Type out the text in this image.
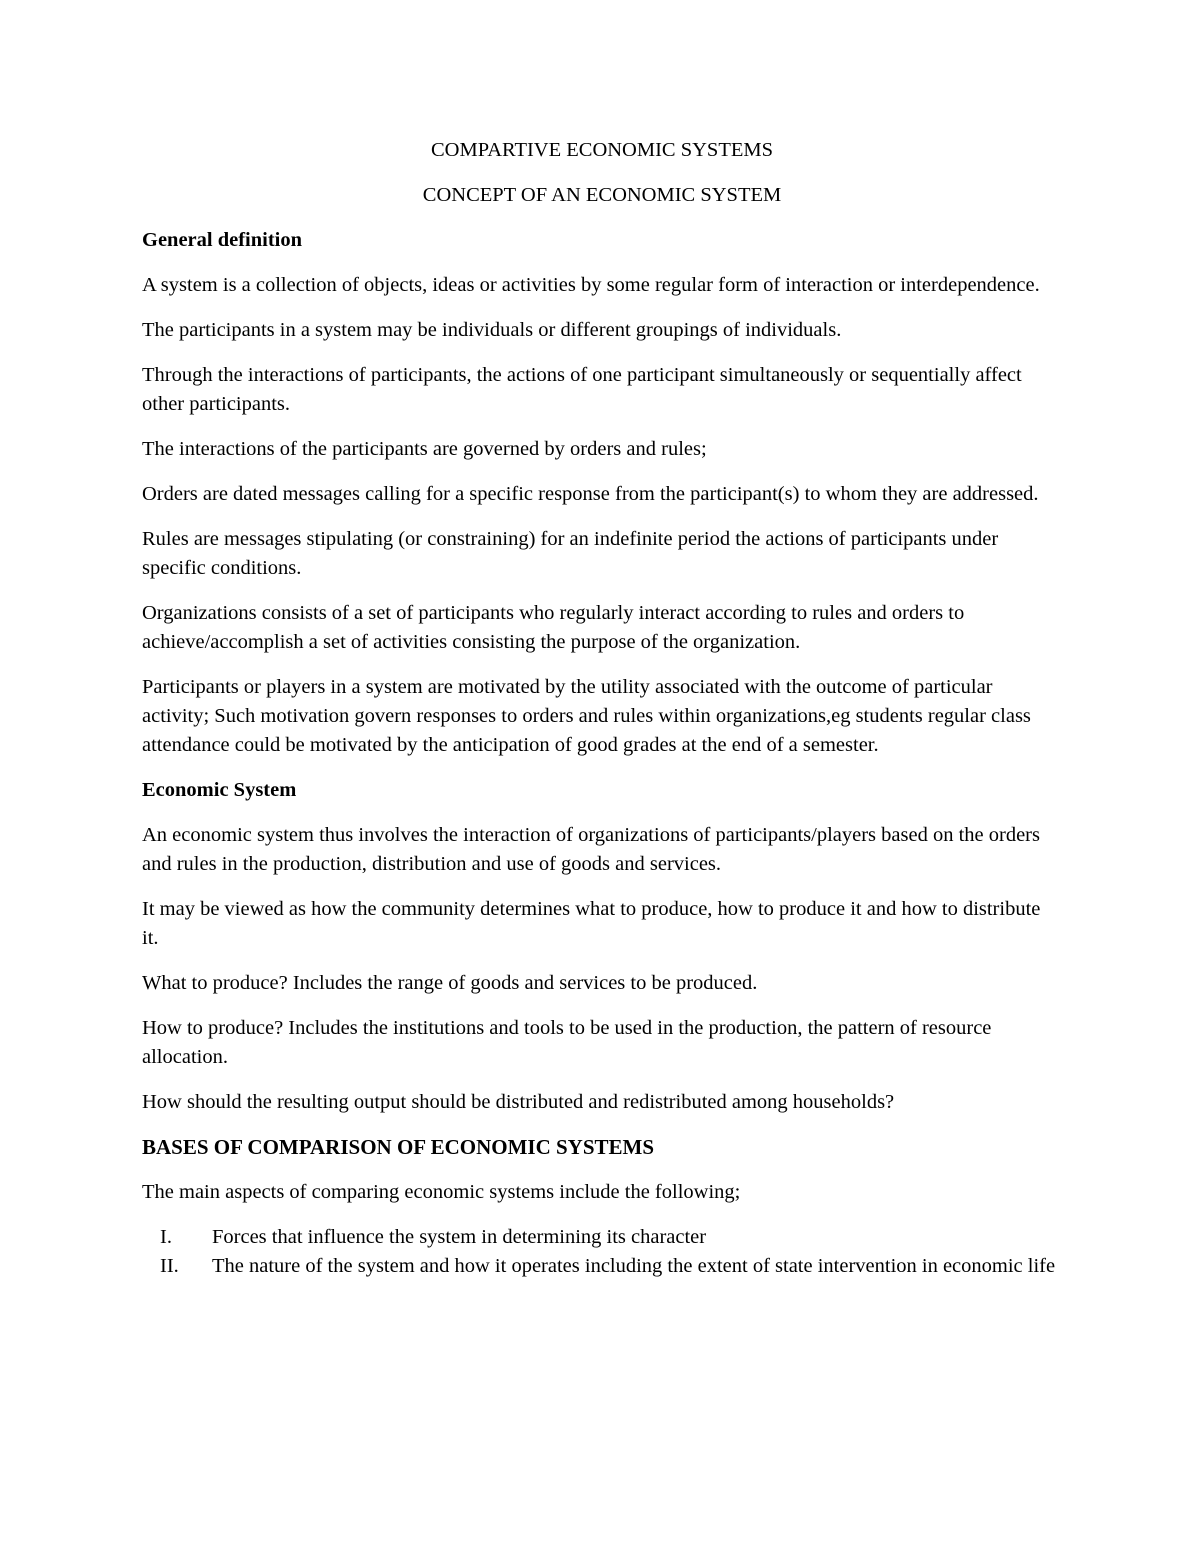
COMPARTIVE ECONOMIC SYSTEMS
CONCEPT OF AN ECONOMIC SYSTEM
General definition

A system is a collection of objects, ideas or activities by some regular form of interaction or interdependence.

The participants in a system may be individuals or different groupings of individuals.

Through the interactions of participants, the actions of one participant simultaneously or sequentially affect other participants.

The interactions of the participants are governed by orders and rules;

Orders are dated messages calling for a specific response from the participant(s) to whom they are addressed.

Rules are messages stipulating (or constraining) for an indefinite period the actions of participants under specific conditions.

Organizations consists of a set of participants who regularly interact according to rules and orders to achieve/accomplish a set of activities consisting the purpose of the organization.

Participants or players in a system are motivated by the utility associated with the outcome of particular activity; Such motivation govern responses to orders and rules within organizations,eg students regular class attendance could be motivated by the anticipation of good grades at the end of a semester.

Economic System

An economic system thus involves the interaction of organizations of participants/players based on the orders and rules in the production, distribution and use of goods and services.

It may be viewed as how the community determines what to produce, how to produce it and how to distribute it.

What to produce? Includes the range of goods and services to be produced.

How to produce? Includes the institutions and tools to be used in the production, the pattern of resource allocation.

How should the resulting output should be distributed and redistributed among households?

BASES OF COMPARISON OF ECONOMIC SYSTEMS

The main aspects of comparing economic systems include the following;

I. Forces that influence the system in determining its character
II. The nature of the system and how it operates including the extent of state intervention in economic life
